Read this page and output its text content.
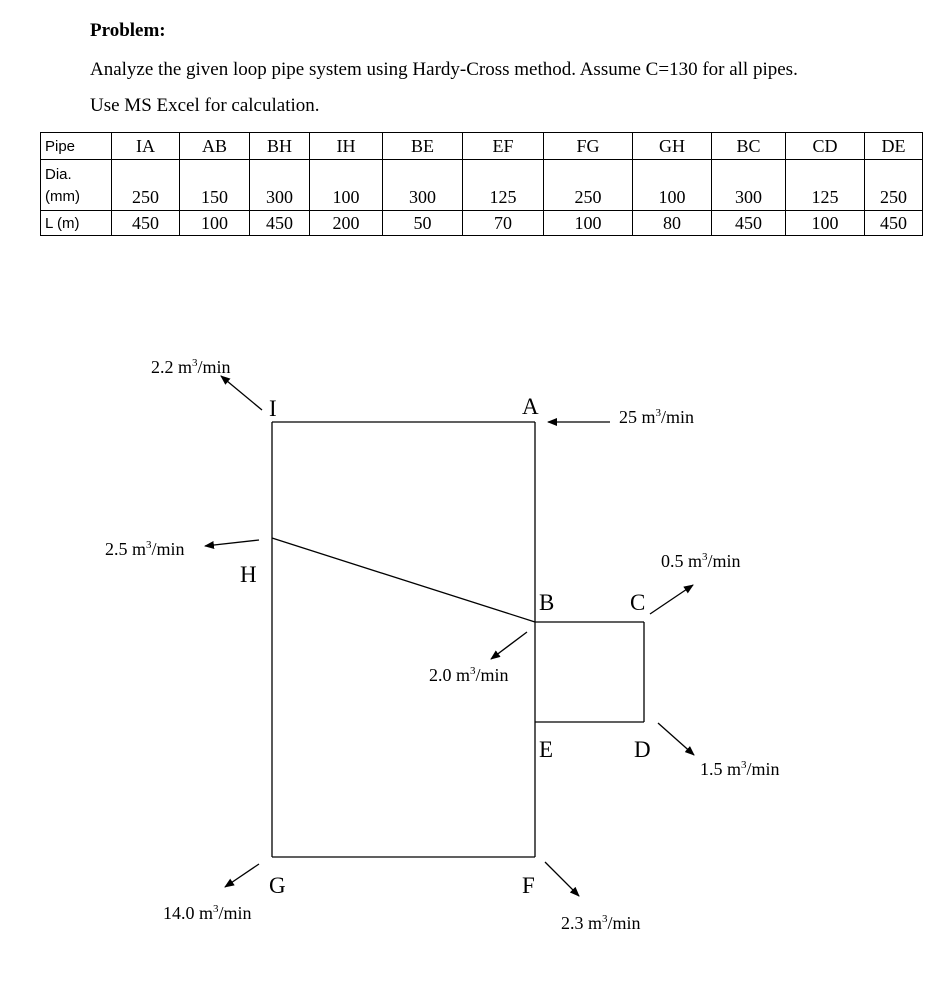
Problem:
Analyze the given loop pipe system using Hardy-Cross method. Assume C=130 for all pipes.
Use MS Excel for calculation.
Pipe	IA	AB	BH	IH	BE	EF	FG	GH	BC	CD	DE

Dia.
(mm)	250	150	300	100	300	125	250	100	300	125	250
L (m)	450	100	450	200	50	70	100	80	450	100	450
I	A
H
B	C
E	D
G	F
2.2 $m^3/\min$
25 $m^3/\min$
2.5 $m^3/\min$
0.5 $m^3/\min$
2.0 $m^3/\min$
1.5 $m^3/\min$
14.0 $m^3/\min$	2.3 $m^3/\min$
